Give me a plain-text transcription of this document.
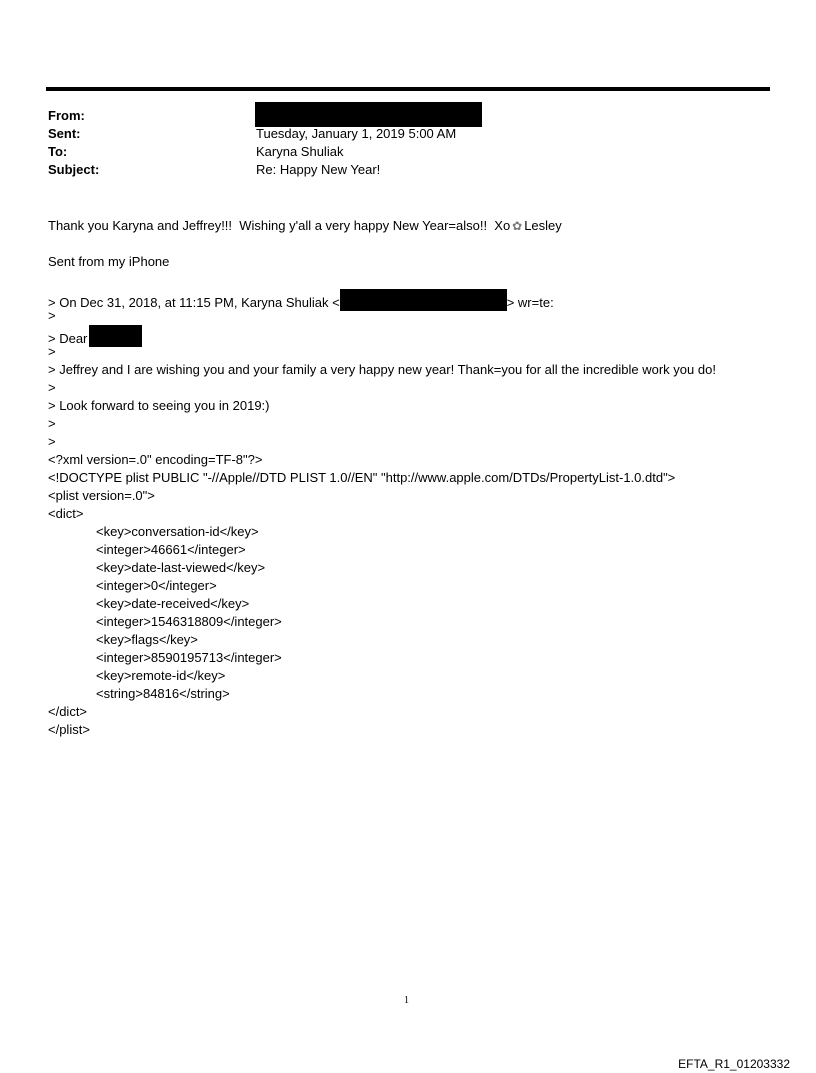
From:
Sent:	Tuesday, January 1, 2019 5:00 AM
To:	Karyna Shuliak
Subject:	Re: Happy New Year!
Thank you Karyna and Jeffrey!!!  Wishing y'all a very happy New Year=also!!  Xo ✿ Lesley
Sent from my iPhone
> On Dec 31, 2018, at 11:15 PM, Karyna Shuliak <	> wr=te:
>
> Dear
>
> Jeffrey and I are wishing you and your family a very happy new year! Thank=you for all the incredible work you do!
>
> Look forward to seeing you in 2019:)
>
>
<?xml version=.0" encoding=TF-8"?>
<!DOCTYPE plist PUBLIC "-//Apple//DTD PLIST 1.0//EN" "http://www.apple.com/DTDs/PropertyList-1.0.dtd">
<plist version=.0">
<dict>
<key>conversation-id</key>
<integer>46661</integer>
<key>date-last-viewed</key>
<integer>0</integer>
<key>date-received</key>
<integer>1546318809</integer>
<key>flags</key>
<integer>8590195713</integer>
<key>remote-id</key>
<string>84816</string>
</dict>
</plist>
1
EFTA_R1_01203332
